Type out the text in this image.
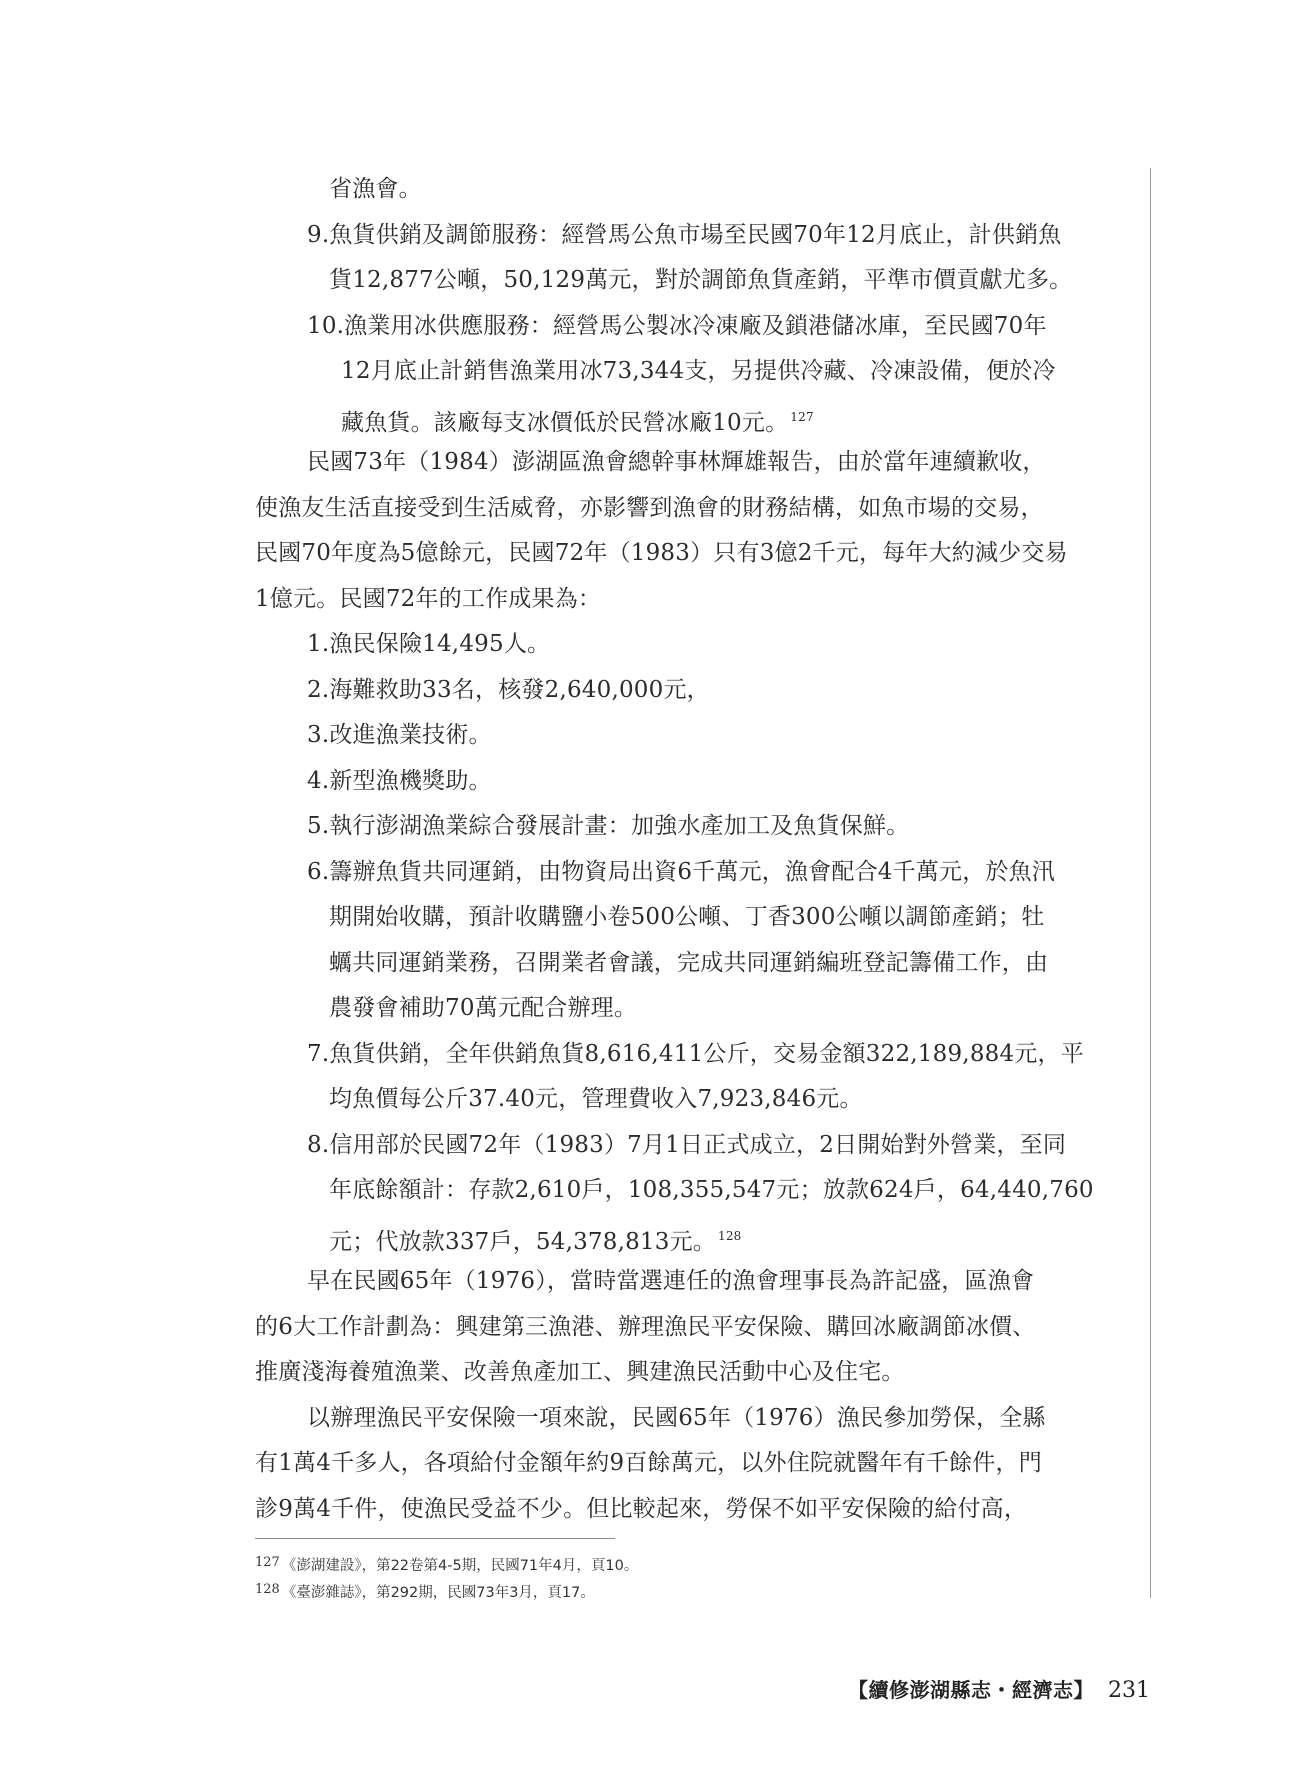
省漁會。
9.魚貨供銷及調節服務：經營馬公魚市場至民國70年12月底止，計供銷魚
貨12,877公噸，50,129萬元，對於調節魚貨產銷，平準市價貢獻尤多。
10.漁業用冰供應服務：經營馬公製冰冷凍廠及鎖港儲冰庫，至民國70年
12月底止計銷售漁業用冰73,344支，另提供冷藏、冷凍設備，便於冷
藏魚貨。該廠每支冰價低於民營冰廠10元。 $^{127}$
民國73年（1984）澎湖區漁會總幹事林輝雄報告，由於當年連續歉收，
使漁友生活直接受到生活威脅，亦影響到漁會的財務結構，如魚市場的交易，
民國70年度為5億餘元，民國72年（1983）只有3億2千元，每年大約減少交易
1億元。民國72年的工作成果為：
1.漁民保險14,495人。
2.海難救助33名，核發2,640,000元，
3.改進漁業技術。
4.新型漁機獎助。
5.執行澎湖漁業綜合發展計畫：加強水產加工及魚貨保鮮。
6.籌辦魚貨共同運銷，由物資局出資6千萬元，漁會配合4千萬元，於魚汛
期開始收購，預計收購鹽小卷500公噸、丁香300公噸以調節產銷；牡
蠣共同運銷業務，召開業者會議，完成共同運銷編班登記籌備工作，由
農發會補助70萬元配合辦理。
7.魚貨供銷，全年供銷魚貨8,616,411公斤，交易金額322,189,884元，平
均魚價每公斤37.40元，管理費收入7,923,846元。
8.信用部於民國72年（1983）7月1日正式成立，2日開始對外營業，至同
年底餘額計：存款2,610戶，108,355,547元；放款624戶，64,440,760
元；代放款337戶，54,378,813元。 $^{128}$
早在民國65年（1976），當時當選連任的漁會理事長為許記盛，區漁會
的6大工作計劃為：興建第三漁港、辦理漁民平安保險、購回冰廠調節冰價、
推廣淺海養殖漁業、改善魚產加工、興建漁民活動中心及住宅。
以辦理漁民平安保險一項來說，民國65年（1976）漁民參加勞保，全縣
有1萬4千多人，各項給付金額年約9百餘萬元，以外住院就醫年有千餘件，門
診9萬4千件，使漁民受益不少。但比較起來，勞保不如平安保險的給付高，
127 《澎湖建設》，第22卷第4-5期，民國71年4月，頁10。
128 《臺澎雜誌》，第292期，民國73年3月，頁17。
【續修澎湖縣志・經濟志】 231
